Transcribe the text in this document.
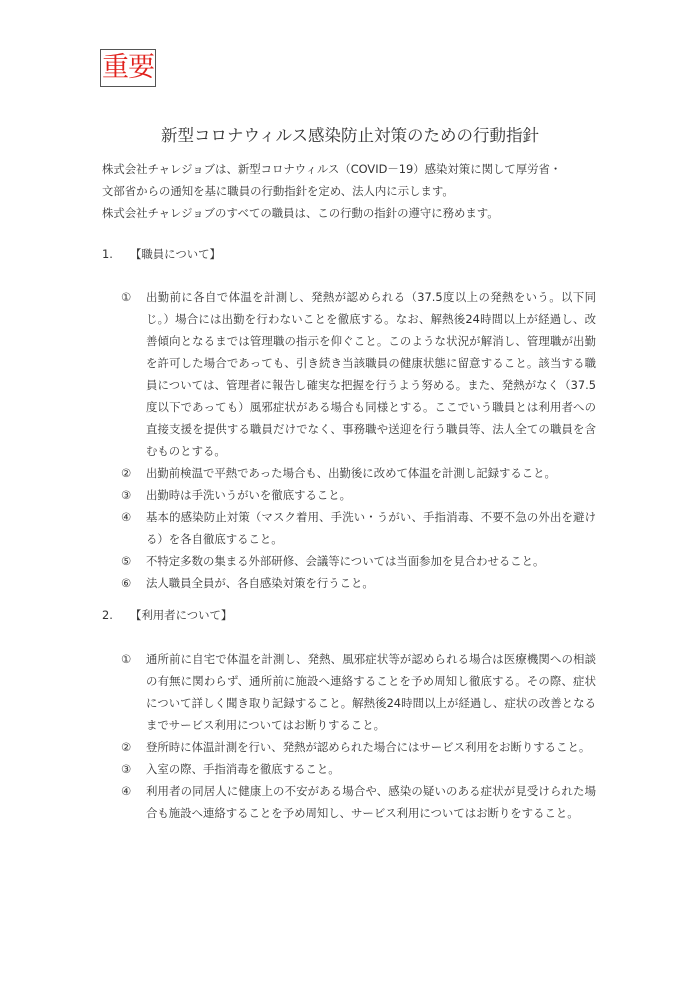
重要
新型コロナウィルス感染防止対策のための行動指針
株式会社チャレジョブは、新型コロナウィルス（COVID－19）感染対策に関して厚労省・
文部省からの通知を基に職員の行動指針を定め、法人内に示します。
株式会社チャレジョブのすべての職員は、この行動の指針の遵守に務めます。
1. 【職員について】
① 出勤前に各自で体温を計測し、発熱が認められる（37.5度以上の発熱をいう。以下同じ。）場合には出勤を行わないことを徹底する。なお、解熱後24時間以上が経過し、改善傾向となるまでは管理職の指示を仰ぐこと。このような状況が解消し、管理職が出勤を許可した場合であっても、引き続き当該職員の健康状態に留意すること。該当する職員については、管理者に報告し確実な把握を行うよう努める。また、発熱がなく（37.5度以下であっても）風邪症状がある場合も同様とする。ここでいう職員とは利用者への直接支援を提供する職員だけでなく、事務職や送迎を行う職員等、法人全ての職員を含むものとする。
② 出勤前検温で平熱であった場合も、出勤後に改めて体温を計測し記録すること。
③ 出勤時は手洗いうがいを徹底すること。
④ 基本的感染防止対策（マスク着用、手洗い・うがい、手指消毒、不要不急の外出を避ける）を各自徹底すること。
⑤ 不特定多数の集まる外部研修、会議等については当面参加を見合わせること。
⑥ 法人職員全員が、各自感染対策を行うこと。
2. 【利用者について】
① 通所前に自宅で体温を計測し、発熱、風邪症状等が認められる場合は医療機関への相談の有無に関わらず、通所前に施設へ連絡することを予め周知し徹底する。その際、症状について詳しく聞き取り記録すること。解熱後24時間以上が経過し、症状の改善となるまでサービス利用についてはお断りすること。
② 登所時に体温計測を行い、発熱が認められた場合にはサービス利用をお断りすること。
③ 入室の際、手指消毒を徹底すること。
④ 利用者の同居人に健康上の不安がある場合や、感染の疑いのある症状が見受けられた場合も施設へ連絡することを予め周知し、サービス利用についてはお断りをすること。
